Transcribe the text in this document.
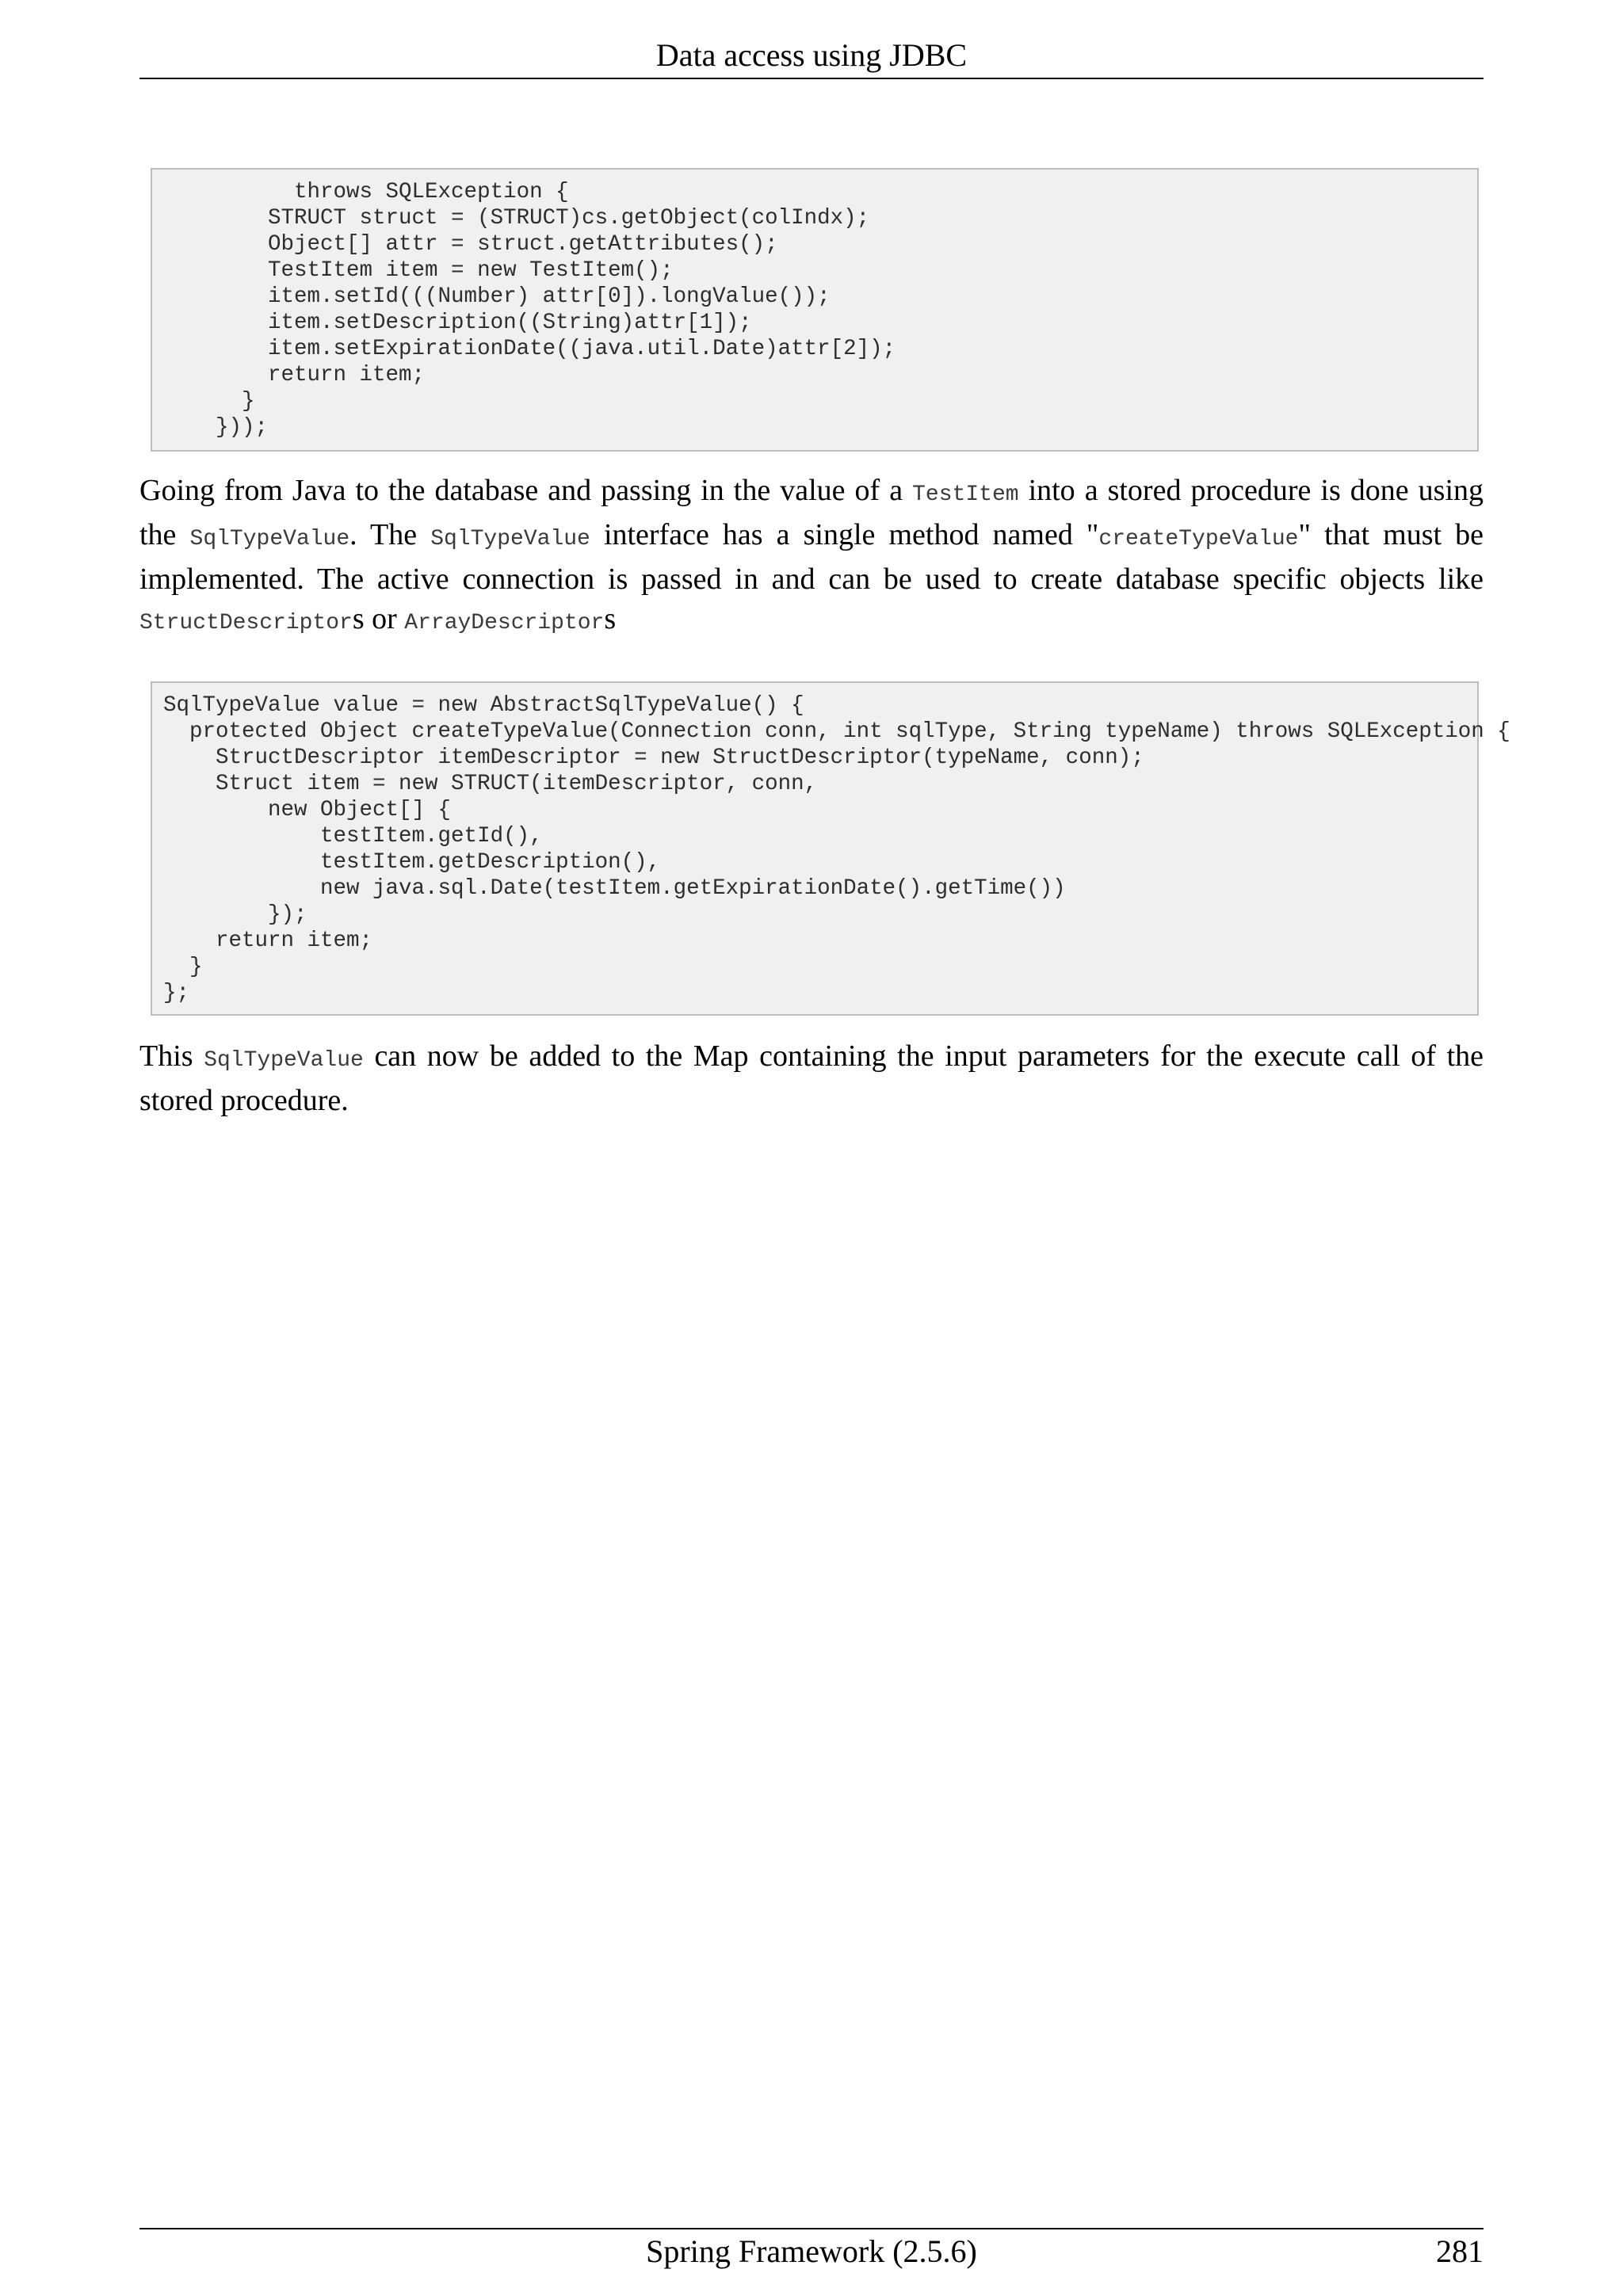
Data access using JDBC
throws SQLException {
STRUCT struct = (STRUCT)cs.getObject(colIndx);
Object[] attr = struct.getAttributes();
TestItem item = new TestItem();
item.setId(((Number) attr[0]).longValue());
item.setDescription((String)attr[1]);
item.setExpirationDate((java.util.Date)attr[2]);
return item;
}
}));
Going from Java to the database and passing in the value of a TestItem into a stored procedure is done using
the SqlTypeValue. The SqlTypeValue interface has a single method named "createTypeValue" that must be
implemented. The active connection is passed in and can be used to create database specific objects like
StructDescriptors or ArrayDescriptors
SqlTypeValue value = new AbstractSqlTypeValue() {
protected Object createTypeValue(Connection conn, int sqlType, String typeName) throws SQLException {
StructDescriptor itemDescriptor = new StructDescriptor(typeName, conn);
Struct item = new STRUCT(itemDescriptor, conn,
new Object[] {
testItem.getId(),
testItem.getDescription(),
new java.sql.Date(testItem.getExpirationDate().getTime())
});
return item;
}
};
This SqlTypeValue can now be added to the Map containing the input parameters for the execute call of the
stored procedure.
Spring Framework (2.5.6)	281
